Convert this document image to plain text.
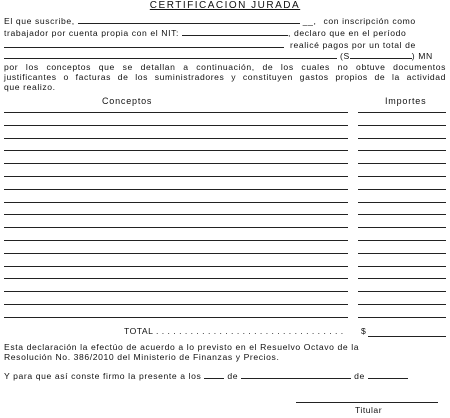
CERTIFICACION JURADA
El que suscribe,	__, con inscripción como
trabajador por cuenta propia con el NIT:	, declaro que en el período
realicé pagos por un total de
(S	) MN
por los conceptos que se detallan a continuación, de los cuales no obtuve documentos
justificantes o facturas de los suministradores y constituyen gastos propios de la actividad
que realizo.
Conceptos	Importes
TOTAL . . . . . . . . . . . . . . . . . . . . . . . . . . . . . . . . . $
Esta declaración la efectúo de acuerdo a lo previsto en el Resuelvo Octavo de la
Resolución No. 386/2010 del Ministerio de Finanzas y Precios.
Y para que así conste firmo la presente a los	de	de
Titular
